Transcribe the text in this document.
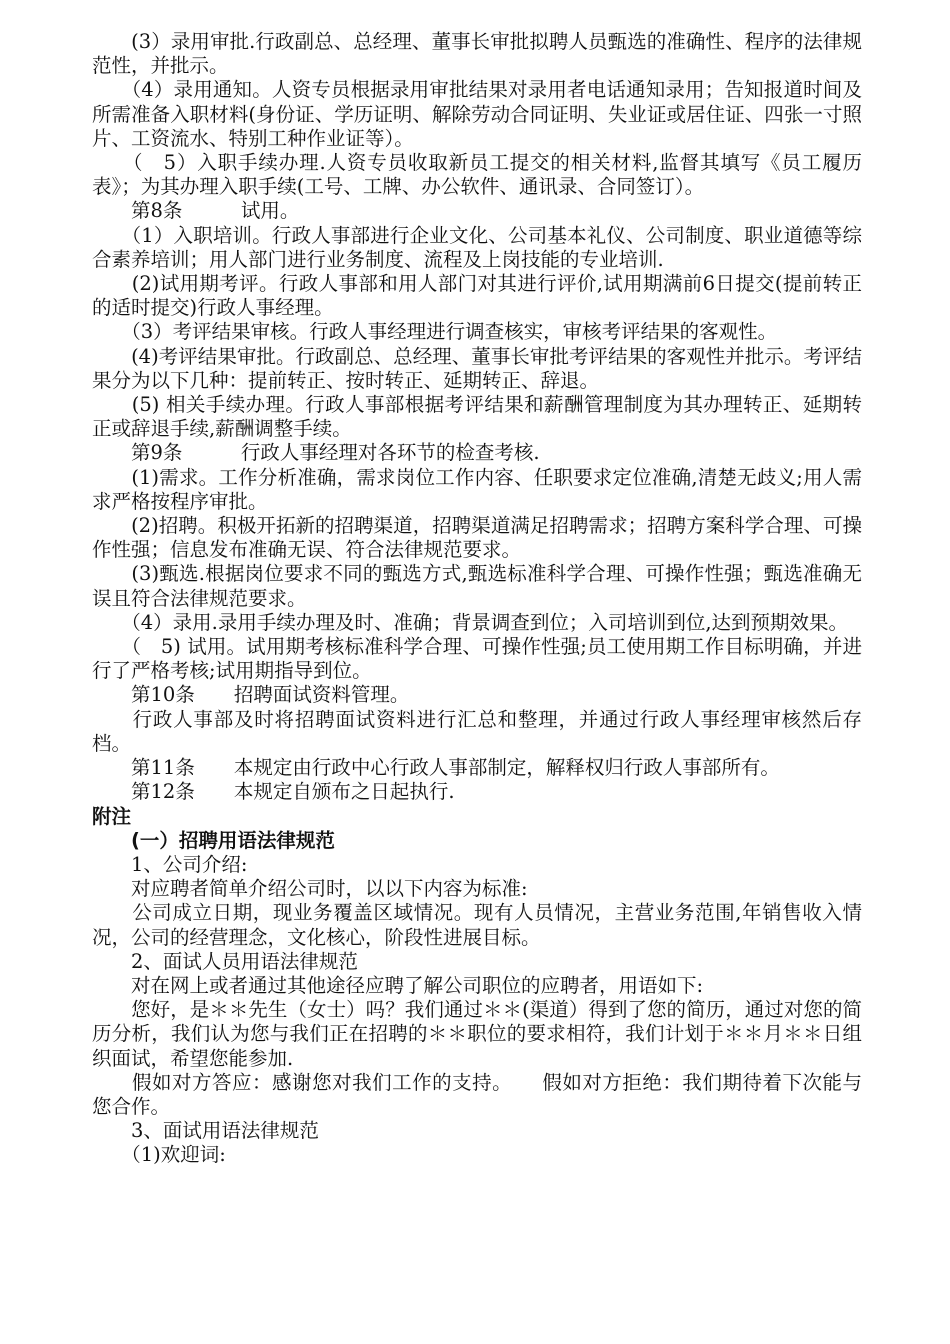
　　(3）录用审批.行政副总、总经理、董事长审批拟聘人员甄选的准确性、程序的法律规范性，并批示。

　　（4）录用通知。人资专员根据录用审批结果对录用者电话通知录用；告知报道时间及所需准备入职材料(身份证、学历证明、解除劳动合同证明、失业证或居住证、四张一寸照片、工资流水、特别工种作业证等）。

　　（　5）入职手续办理.人资专员收取新员工提交的相关材料,监督其填写《员工履历表》；为其办理入职手续(工号、工牌、办公软件、通讯录、合同签订）。

　　第8条　　　试用。

　　（1）入职培训。行政人事部进行企业文化、公司基本礼仪、公司制度、职业道德等综合素养培训；用人部门进行业务制度、流程及上岗技能的专业培训.

　　(2)试用期考评。行政人事部和用人部门对其进行评价,试用期满前6日提交(提前转正的适时提交)行政人事经理。

　　（3）考评结果审核。行政人事经理进行调查核实，审核考评结果的客观性。

　　(4)考评结果审批。行政副总、总经理、董事长审批考评结果的客观性并批示。考评结果分为以下几种：提前转正、按时转正、延期转正、辞退。

　　(5) 相关手续办理。行政人事部根据考评结果和薪酬管理制度为其办理转正、延期转正或辞退手续,薪酬调整手续。

　　第9条　　　行政人事经理对各环节的检查考核.

　　(1)需求。工作分析准确，需求岗位工作内容、任职要求定位准确,清楚无歧义;用人需求严格按程序审批。

　　(2)招聘。积极开拓新的招聘渠道，招聘渠道满足招聘需求；招聘方案科学合理、可操作性强；信息发布准确无误、符合法律规范要求。

　　(3)甄选.根据岗位要求不同的甄选方式,甄选标准科学合理、可操作性强；甄选准确无误且符合法律规范要求。

　　（4）录用.录用手续办理及时、准确；背景调查到位；入司培训到位,达到预期效果。

　　（　5) 试用。试用期考核标准科学合理、可操作性强;员工使用期工作目标明确，并进行了严格考核;试用期指导到位。

　　第10条　　招聘面试资料管理。

　　行政人事部及时将招聘面试资料进行汇总和整理，并通过行政人事经理审核然后存档。

　　第11条　　本规定由行政中心行政人事部制定，解释权归行政人事部所有。

　　第12条　　本规定自颁布之日起执行.

附注

　　(一）招聘用语法律规范

　　1、公司介绍:

　　对应聘者简单介绍公司时，以以下内容为标准:

　　公司成立日期，现业务覆盖区域情况。现有人员情况，主营业务范围,年销售收入情况，公司的经营理念，文化核心，阶段性进展目标。

　　2、面试人员用语法律规范

　　对在网上或者通过其他途径应聘了解公司职位的应聘者，用语如下:

　　您好，是＊＊先生（女士）吗？我们通过＊＊(渠道）得到了您的简历，通过对您的简历分析，我们认为您与我们正在招聘的＊＊职位的要求相符，我们计划于＊＊月＊＊日组织面试，希望您能参加.

　　假如对方答应：感谢您对我们工作的支持。　　假如对方拒绝：我们期待着下次能与您合作。

　　3、面试用语法律规范

　　（1)欢迎词:
